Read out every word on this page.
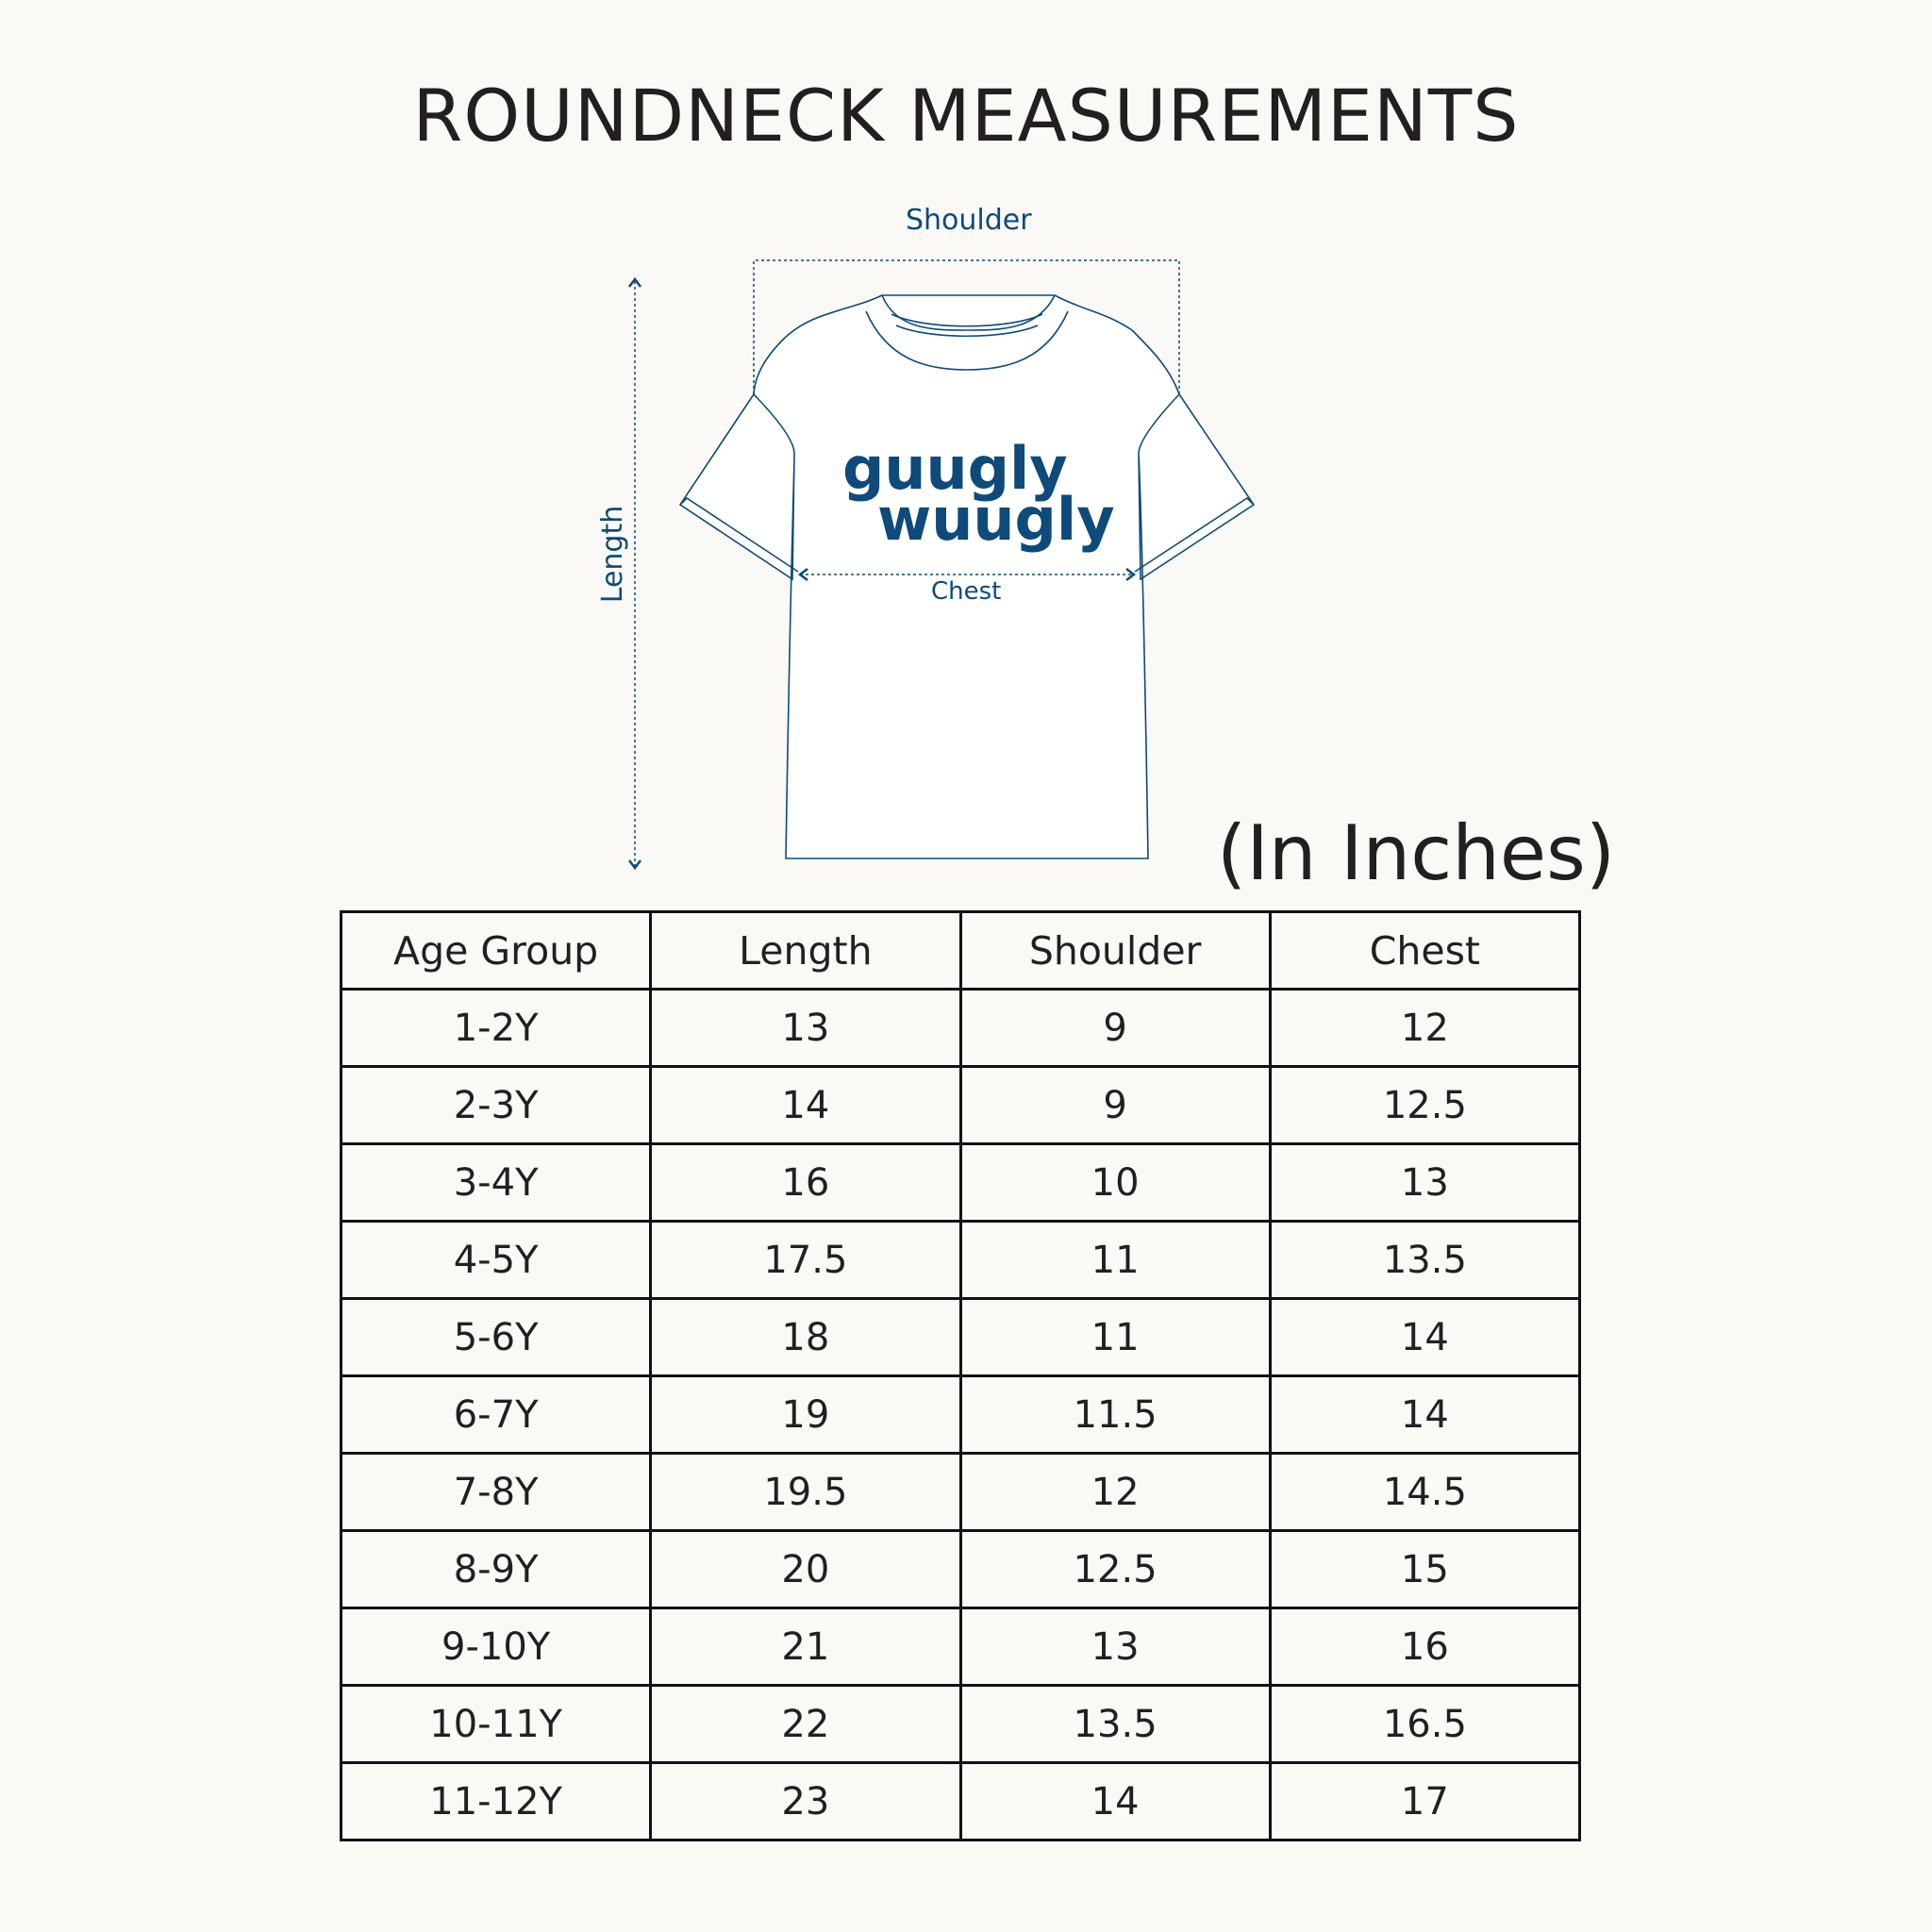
ROUNDNECK MEASUREMENTS
guugly
wuugly
Shoulder
Length	Chest
(In Inches)
Age Group	Length	Shoulder	Chest
1-2Y	13	9	12
2-3Y	14	9	12.5
3-4Y	16	10	13
4-5Y	17.5	11	13.5
5-6Y	18	11	14
6-7Y	19	11.5	14
7-8Y	19.5	12	14.5
8-9Y	20	12.5	15
9-10Y	21	13	16
10-11Y	22	13.5	16.5
11-12Y	23	14	17
